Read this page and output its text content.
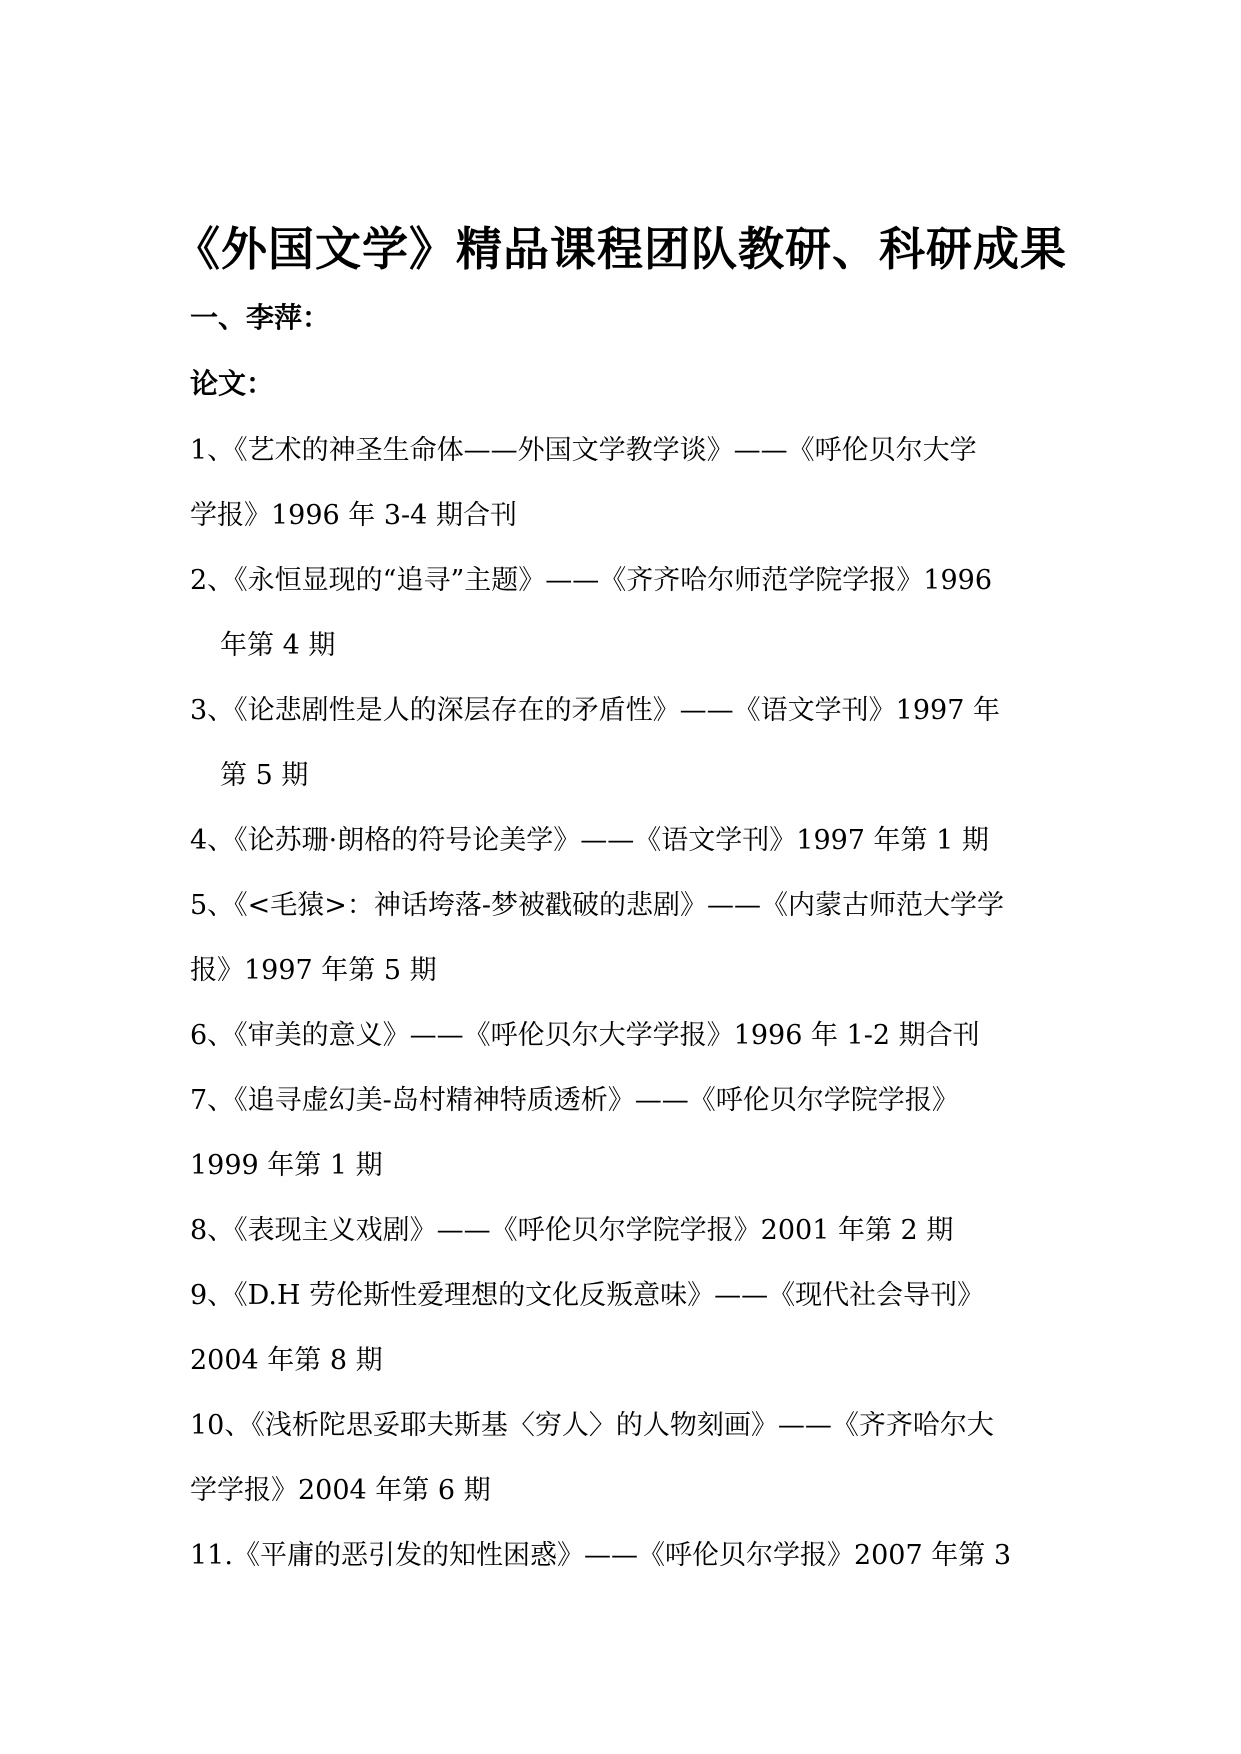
《外国文学》精品课程团队教研、科研成果
一、李萍：
论文：
1、《艺术的神圣生命体——外国文学教学谈》——《呼伦贝尔大学
学报》1996 年 3-4 期合刊
2、《永恒显现的“追寻”主题》——《齐齐哈尔师范学院学报》1996
年第 4 期
3、《论悲剧性是人的深层存在的矛盾性》——《语文学刊》1997 年
第 5 期
4、《论苏珊·朗格的符号论美学》——《语文学刊》1997 年第 1 期
5、《<毛猿>：神话垮落-梦被戳破的悲剧》——《内蒙古师范大学学
报》1997 年第 5 期
6、《审美的意义》——《呼伦贝尔大学学报》1996 年 1-2 期合刊
7、《追寻虚幻美-岛村精神特质透析》——《呼伦贝尔学院学报》
1999 年第 1 期
8、《表现主义戏剧》——《呼伦贝尔学院学报》2001 年第 2 期
9、《D.H 劳伦斯性爱理想的文化反叛意味》——《现代社会导刊》
2004 年第 8 期
10、《浅析陀思妥耶夫斯基〈穷人〉的人物刻画》——《齐齐哈尔大
学学报》2004 年第 6 期
11.《平庸的恶引发的知性困惑》——《呼伦贝尔学报》2007 年第 3
